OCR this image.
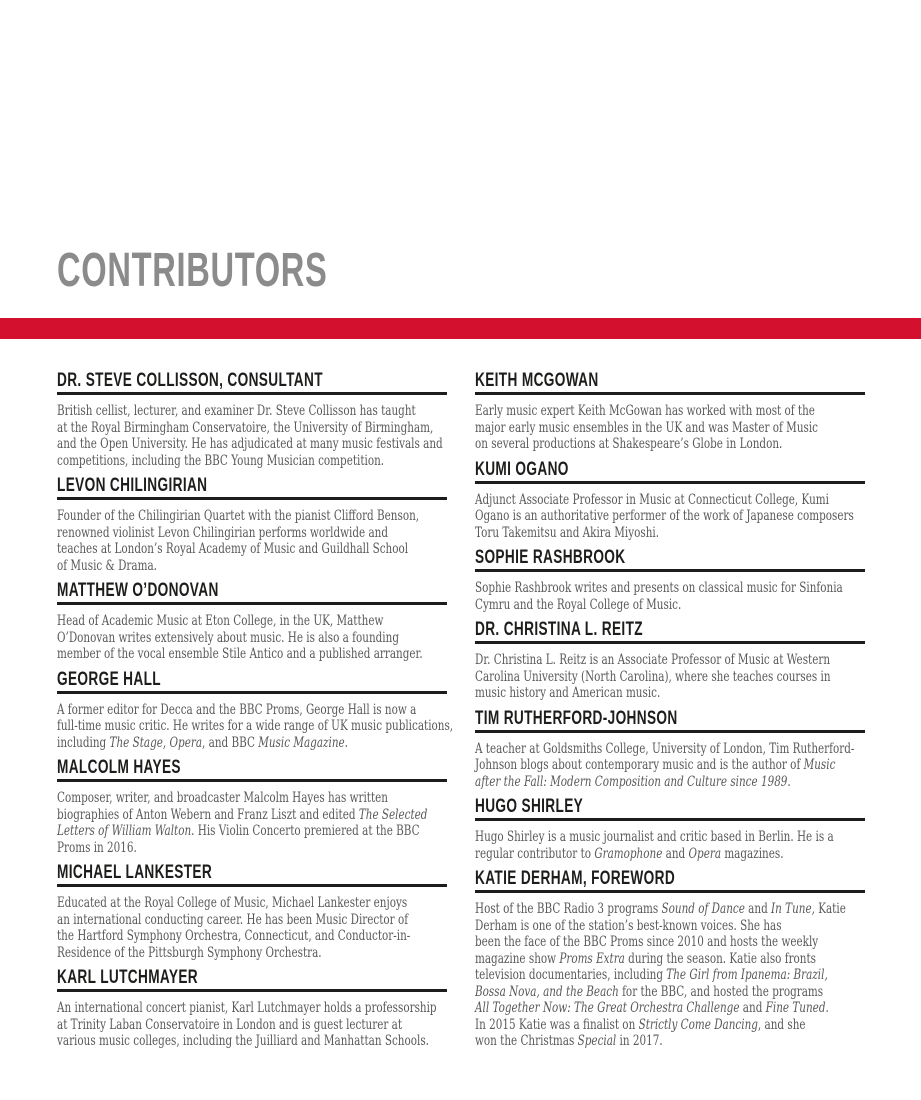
CONTRIBUTORS
DR. STEVE COLLISSON, CONSULTANT
British cellist, lecturer, and examiner Dr. Steve Collisson has taught
at the Royal Birmingham Conservatoire, the University of Birmingham,
and the Open University. He has adjudicated at many music festivals and
competitions, including the BBC Young Musician competition.
LEVON CHILINGIRIAN
Founder of the Chilingirian Quartet with the pianist Clifford Benson,
renowned violinist Levon Chilingirian performs worldwide and
teaches at London’s Royal Academy of Music and Guildhall School
of Music & Drama.
MATTHEW O’DONOVAN
Head of Academic Music at Eton College, in the UK, Matthew
O’Donovan writes extensively about music. He is also a founding
member of the vocal ensemble Stile Antico and a published arranger.
GEORGE HALL
A former editor for Decca and the BBC Proms, George Hall is now a
full-time music critic. He writes for a wide range of UK music publications,
including The Stage, Opera, and BBC Music Magazine.
MALCOLM HAYES
Composer, writer, and broadcaster Malcolm Hayes has written
biographies of Anton Webern and Franz Liszt and edited The Selected
Letters of William Walton. His Violin Concerto premiered at the BBC
Proms in 2016.
MICHAEL LANKESTER
Educated at the Royal College of Music, Michael Lankester enjoys
an international conducting career. He has been Music Director of
the Hartford Symphony Orchestra, Connecticut, and Conductor-in-
Residence of the Pittsburgh Symphony Orchestra.
KARL LUTCHMAYER
An international concert pianist, Karl Lutchmayer holds a professorship
at Trinity Laban Conservatoire in London and is guest lecturer at
various music colleges, including the Juilliard and Manhattan Schools.
KEITH MCGOWAN
Early music expert Keith McGowan has worked with most of the
major early music ensembles in the UK and was Master of Music
on several productions at Shakespeare’s Globe in London.
KUMI OGANO
Adjunct Associate Professor in Music at Connecticut College, Kumi
Ogano is an authoritative performer of the work of Japanese composers
Toru Takemitsu and Akira Miyoshi.
SOPHIE RASHBROOK
Sophie Rashbrook writes and presents on classical music for Sinfonia
Cymru and the Royal College of Music.
DR. CHRISTINA L. REITZ
Dr. Christina L. Reitz is an Associate Professor of Music at Western
Carolina University (North Carolina), where she teaches courses in
music history and American music.
TIM RUTHERFORD-JOHNSON
A teacher at Goldsmiths College, University of London, Tim Rutherford-
Johnson blogs about contemporary music and is the author of Music
after the Fall: Modern Composition and Culture since 1989.
HUGO SHIRLEY
Hugo Shirley is a music journalist and critic based in Berlin. He is a
regular contributor to Gramophone and Opera magazines.
KATIE DERHAM, FOREWORD
Host of the BBC Radio 3 programs Sound of Dance and In Tune, Katie
Derham is one of the station’s best-known voices. She has
been the face of the BBC Proms since 2010 and hosts the weekly
magazine show Proms Extra during the season. Katie also fronts
television documentaries, including The Girl from Ipanema: Brazil,
Bossa Nova, and the Beach for the BBC, and hosted the programs
All Together Now: The Great Orchestra Challenge and Fine Tuned.
In 2015 Katie was a finalist on Strictly Come Dancing, and she
won the Christmas Special in 2017.
